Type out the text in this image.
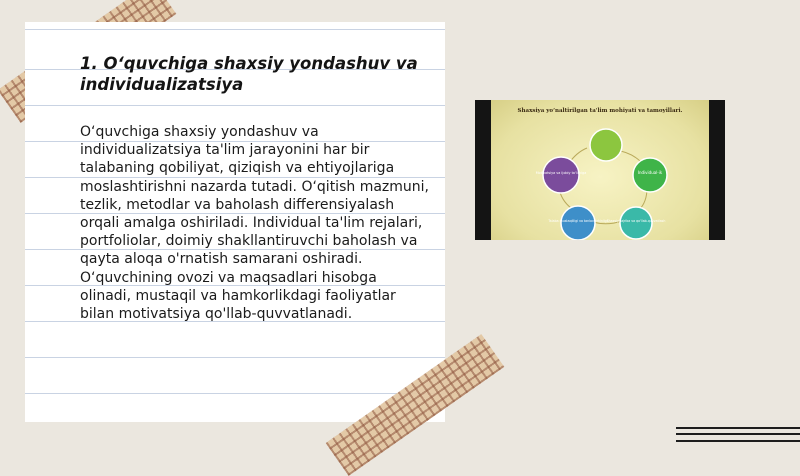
1. O‘quvchiga shaxsiy yondashuv va individualizatsiya

O‘quvchiga shaxsiy yondashuv va individualizatsiya ta'lim jarayonini har bir talabaning qobiliyat, qiziqish va ehtiyojlariga moslashtirishni nazarda tutadi. O‘qitish mazmuni, tezlik, metodlar va baholash differensiyalash orqali amalga oshiriladi. Individual ta'lim rejalari, portfoliolar, doimiy shakllantiruvchi baholash va qayta aloqa o'rnatish samarani oshiradi. O‘quvchining ovozi va maqsadlari hisobga olinadi, mustaqil va hamkorlikdagi faoliyatlar bilan motivatsiya qo'llab-quvvatlanadi.

Shaxsiya yo‘naltirilgan ta'lim mohiyati va tamoyillari.
Individual-ik
Shaxsiy tajriba va qo'llab-quvvatlash
Talaba mustaqilligi va tanlov erkinligi
Motivatsiya va ijobiy ta'limiga
